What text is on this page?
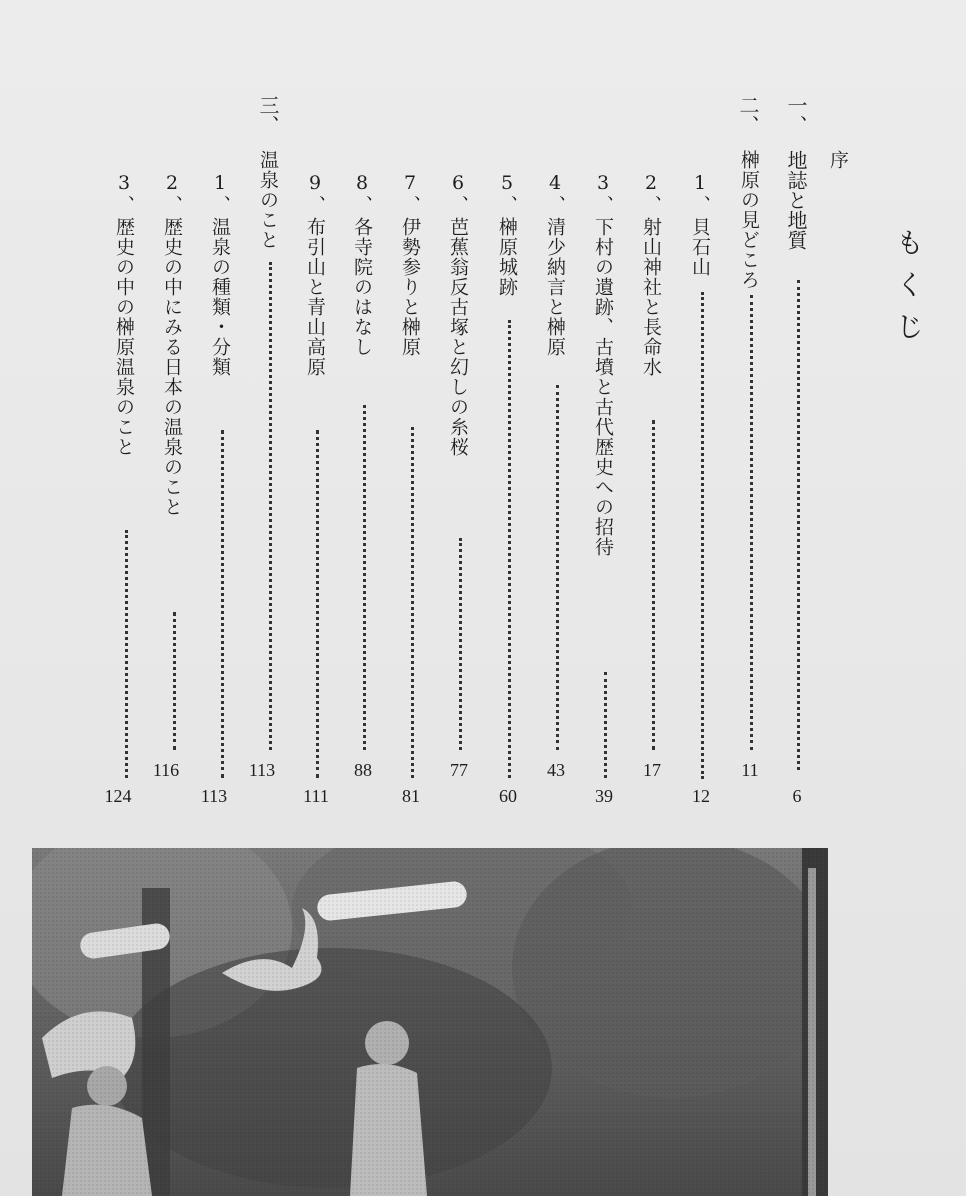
もくじ
序
一、
地誌と地質
6
二、
榊原の見どころ
11
1、
貝石山
12
2、
射山神社と長命水
17
3、
下村の遺跡、古墳と古代歴史への招待
39
4、
清少納言と榊原
43
5、
榊原城跡
60
6、
芭蕉翁反古塚と幻しの糸桜
77
7、
伊勢参りと榊原
81
8、
各寺院のはなし
88
9、
布引山と青山高原
111
三、
温泉のこと
113
1、
温泉の種類・分類
113
2、
歴史の中にみる日本の温泉のこと
116
3、
歴史の中の榊原温泉のこと
124
